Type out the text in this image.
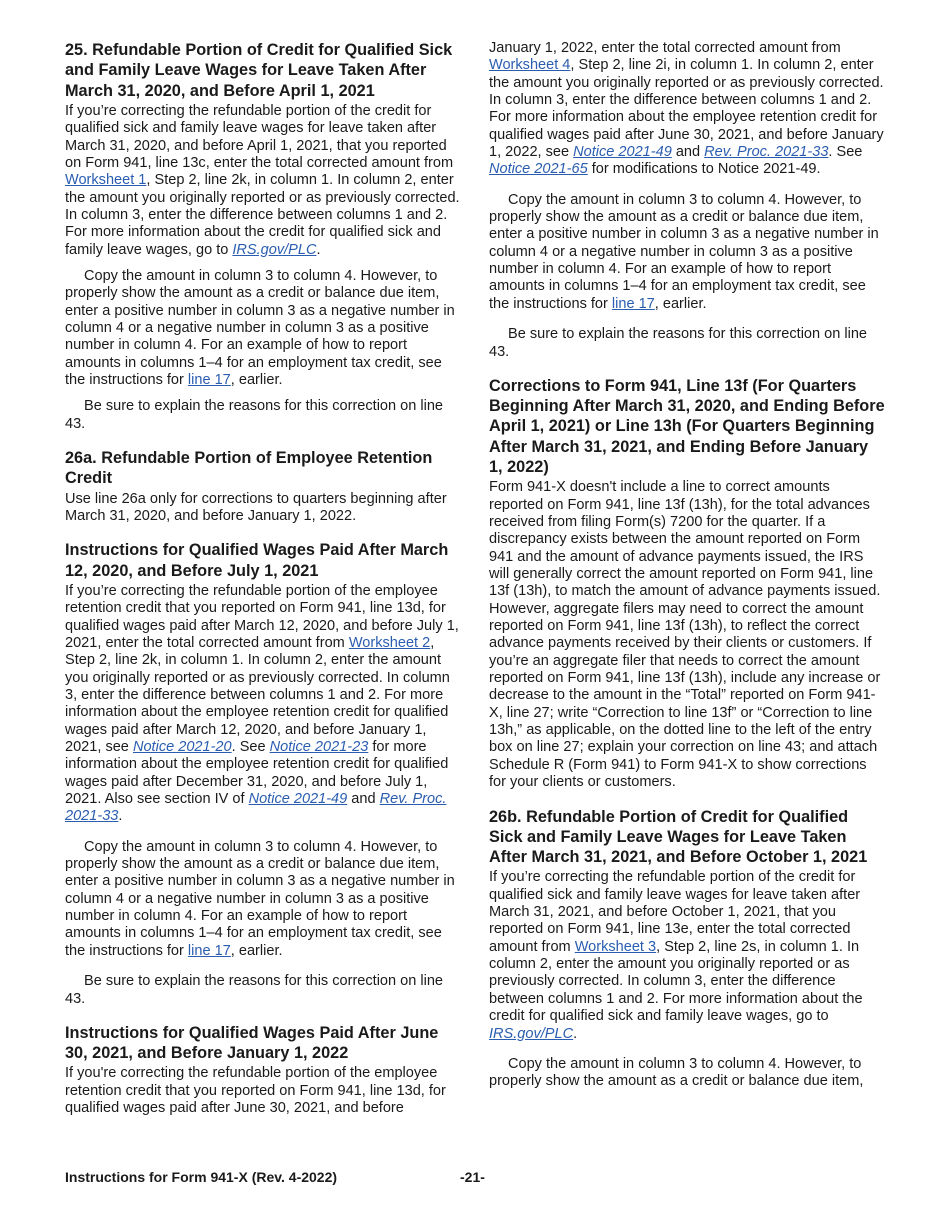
25. Refundable Portion of Credit for Qualified Sick and Family Leave Wages for Leave Taken After March 31, 2020, and Before April 1, 2021

If you’re correcting the refundable portion of the credit for qualified sick and family leave wages for leave taken after March 31, 2020, and before April 1, 2021, that you reported on Form 941, line 13c, enter the total corrected amount from Worksheet 1, Step 2, line 2k, in column 1. In column 2, enter the amount you originally reported or as previously corrected. In column 3, enter the difference between columns 1 and 2. For more information about the credit for qualified sick and family leave wages, go to IRS.gov/PLC.

Copy the amount in column 3 to column 4. However, to properly show the amount as a credit or balance due item, enter a positive number in column 3 as a negative number in column 4 or a negative number in column 3 as a positive number in column 4. For an example of how to report amounts in columns 1–4 for an employment tax credit, see the instructions for line 17, earlier.

Be sure to explain the reasons for this correction on line 43.

26a. Refundable Portion of Employee Retention Credit

Use line 26a only for corrections to quarters beginning after March 31, 2020, and before January 1, 2022.

Instructions for Qualified Wages Paid After March 12, 2020, and Before July 1, 2021

If you’re correcting the refundable portion of the employee retention credit that you reported on Form 941, line 13d, for qualified wages paid after March 12, 2020, and before July 1, 2021, enter the total corrected amount from Worksheet 2, Step 2, line 2k, in column 1. In column 2, enter the amount you originally reported or as previously corrected. In column 3, enter the difference between columns 1 and 2. For more information about the employee retention credit for qualified wages paid after March 12, 2020, and before January 1, 2021, see Notice 2021-20. See Notice 2021-23 for more information about the employee retention credit for qualified wages paid after December 31, 2020, and before July 1, 2021. Also see section IV of Notice 2021-49 and Rev. Proc. 2021-33.

Copy the amount in column 3 to column 4. However, to properly show the amount as a credit or balance due item, enter a positive number in column 3 as a negative number in column 4 or a negative number in column 3 as a positive number in column 4. For an example of how to report amounts in columns 1–4 for an employment tax credit, see the instructions for line 17, earlier.

Be sure to explain the reasons for this correction on line 43.

Instructions for Qualified Wages Paid After June 30, 2021, and Before January 1, 2022

If you're correcting the refundable portion of the employee retention credit that you reported on Form 941, line 13d, for qualified wages paid after June 30, 2021, and before

January 1, 2022, enter the total corrected amount from Worksheet 4, Step 2, line 2i, in column 1. In column 2, enter the amount you originally reported or as previously corrected. In column 3, enter the difference between columns 1 and 2. For more information about the employee retention credit for qualified wages paid after June 30, 2021, and before January 1, 2022, see Notice 2021-49 and Rev. Proc. 2021-33. See Notice 2021-65 for modifications to Notice 2021-49.

Copy the amount in column 3 to column 4. However, to properly show the amount as a credit or balance due item, enter a positive number in column 3 as a negative number in column 4 or a negative number in column 3 as a positive number in column 4. For an example of how to report amounts in columns 1–4 for an employment tax credit, see the instructions for line 17, earlier.

Be sure to explain the reasons for this correction on line 43.

Corrections to Form 941, Line 13f (For Quarters Beginning After March 31, 2020, and Ending Before April 1, 2021) or Line 13h (For Quarters Beginning After March 31, 2021, and Ending Before January 1, 2022)

Form 941-X doesn't include a line to correct amounts reported on Form 941, line 13f (13h), for the total advances received from filing Form(s) 7200 for the quarter. If a discrepancy exists between the amount reported on Form 941 and the amount of advance payments issued, the IRS will generally correct the amount reported on Form 941, line 13f (13h), to match the amount of advance payments issued. However, aggregate filers may need to correct the amount reported on Form 941, line 13f (13h), to reflect the correct advance payments received by their clients or customers. If you’re an aggregate filer that needs to correct the amount reported on Form 941, line 13f (13h), include any increase or decrease to the amount in the “Total” reported on Form 941-X, line 27; write “Correction to line 13f” or “Correction to line 13h,” as applicable, on the dotted line to the left of the entry box on line 27; explain your correction on line 43; and attach Schedule R (Form 941) to Form 941-X to show corrections for your clients or customers.

26b. Refundable Portion of Credit for Qualified Sick and Family Leave Wages for Leave Taken After March 31, 2021, and Before October 1, 2021

If you’re correcting the refundable portion of the credit for qualified sick and family leave wages for leave taken after March 31, 2021, and before October 1, 2021, that you reported on Form 941, line 13e, enter the total corrected amount from Worksheet 3, Step 2, line 2s, in column 1. In column 2, enter the amount you originally reported or as previously corrected. In column 3, enter the difference between columns 1 and 2. For more information about the credit for qualified sick and family leave wages, go to IRS.gov/PLC.

Copy the amount in column 3 to column 4. However, to properly show the amount as a credit or balance due item,

Instructions for Form 941-X (Rev. 4-2022)	-21-
